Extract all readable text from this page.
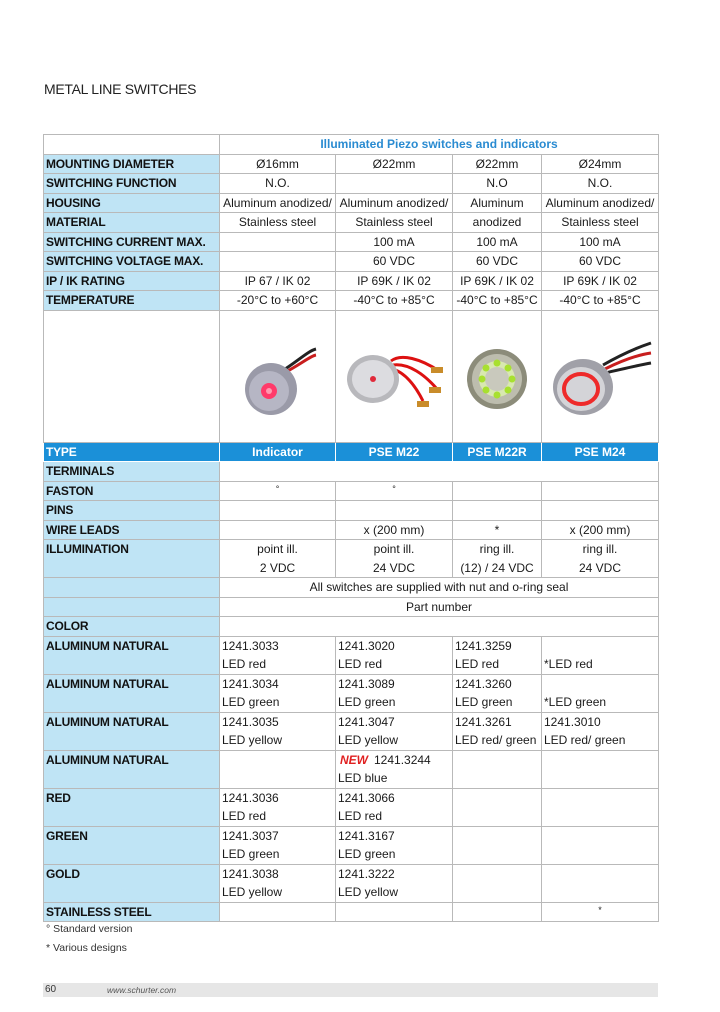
METAL LINE SWITCHES
	Illuminated Piezo switches and indicators			
MOUNTING DIAMETER	Ø16mm	Ø22mm	Ø22mm	Ø24mm
SWITCHING FUNCTION	N.O.		N.O	N.O.
HOUSING	Aluminum anodized/	Aluminum anodized/	Aluminum	Aluminum anodized/
MATERIAL	Stainless steel	Stainless steel	anodized	Stainless steel
SWITCHING CURRENT MAX.		100 mA	100 mA	100 mA
SWITCHING VOLTAGE MAX.		60 VDC	60 VDC	60 VDC
IP / IK RATING	IP 67 / IK 02	IP 69K / IK 02	IP 69K / IK 02	IP 69K / IK 02
TEMPERATURE	-20°C to +60°C	-40°C to +85°C	-40°C to +85°C	-40°C to +85°C

TYPE	Indicator	PSE M22	PSE M22R	PSE M24
TERMINALS				
FASTON	°	°		
PINS				
WIRE LEADS		x (200 mm)	*	x (200 mm)
ILLUMINATION	point ill.	point ill.	ring ill.	ring ill.
	2 VDC	24 VDC	(12) / 24 VDC	24 VDC
	All switches are supplied with nut and o-ring seal			
	Part number			
COLOR				
ALUMINUM NATURAL	1241.3033	1241.3020	1241.3259	
	LED red	LED red	LED red	*LED red
ALUMINUM NATURAL	1241.3034	1241.3089	1241.3260	
	LED green	LED green	LED green	*LED green
ALUMINUM NATURAL	1241.3035	1241.3047	1241.3261	1241.3010
	LED yellow	LED yellow	LED red/ green	LED red/ green
ALUMINUM NATURAL		NEW 1241.3244		
		LED blue		
RED	1241.3036	1241.3066		
	LED red	LED red		
GREEN	1241.3037	1241.3167		
	LED green	LED green		
GOLD	1241.3038	1241.3222		
	LED yellow	LED yellow		
STAINLESS STEEL				*
° Standard version
* Various designs
60	www.schurter.com
